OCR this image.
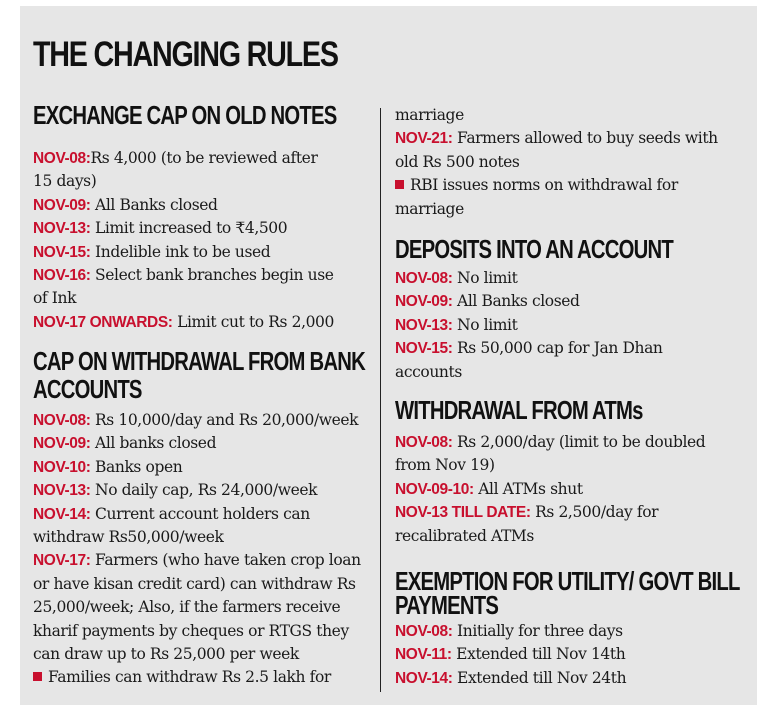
THE CHANGING RULES
EXCHANGE CAP ON OLD NOTES
NOV-08:Rs 4,000 (to be reviewed after
15 days)
NOV-09: All Banks closed
NOV-13: Limit increased to ₹4,500
NOV-15: Indelible ink to be used
NOV-16: Select bank branches begin use
of Ink
NOV-17 ONWARDS: Limit cut to Rs 2,000
CAP ON WITHDRAWAL FROM BANK
ACCOUNTS
NOV-08: Rs 10,000/day and Rs 20,000/week
NOV-09: All banks closed
NOV-10: Banks open
NOV-13: No daily cap, Rs 24,000/week
NOV-14: Current account holders can
withdraw Rs50,000/week
NOV-17: Farmers (who have taken crop loan
or have kisan credit card) can withdraw Rs
25,000/week; Also, if the farmers receive
kharif payments by cheques or RTGS they
can draw up to Rs 25,000 per week
Families can withdraw Rs 2.5 lakh for
marriage
NOV-21: Farmers allowed to buy seeds with
old Rs 500 notes
RBI issues norms on withdrawal for
marriage
DEPOSITS INTO AN ACCOUNT
NOV-08: No limit
NOV-09: All Banks closed
NOV-13: No limit
NOV-15: Rs 50,000 cap for Jan Dhan
accounts
WITHDRAWAL FROM ATMs
NOV-08: Rs 2,000/day (limit to be doubled
from Nov 19)
NOV-09-10: All ATMs shut
NOV-13 TILL DATE: Rs 2,500/day for
recalibrated ATMs
EXEMPTION FOR UTILITY/ GOVT BILL
PAYMENTS
NOV-08: Initially for three days
NOV-11: Extended till Nov 14th
NOV-14: Extended till Nov 24th
